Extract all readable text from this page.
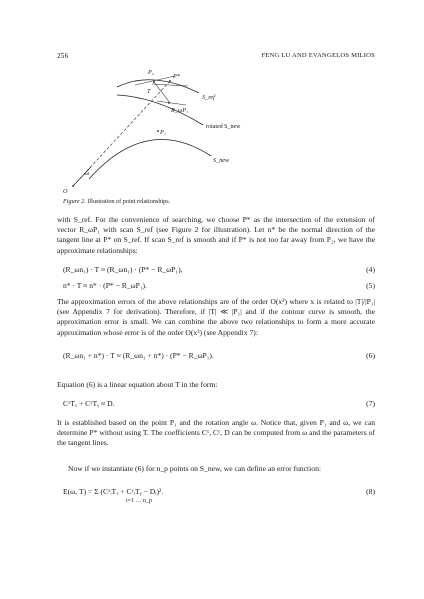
256	FENG LU AND EVANGELOS MILIOS
P₂
P*
T
S_ref
R_ωP₁
rotated S_new
P₁
S_new
ω
O
Figure 2. Illustration of point relationships.
with S_ref. For the convenience of searching, we choose P* as the intersection of the extension of vector R_ωP₁ with scan S_ref (see Figure 2 for illustration). Let n* be the normal direction of the tangent line at P* on S_ref. If scan S_ref is smooth and if P* is not too far away from P₂, we have the approximate relationships:
(R_ωn₁) · T ≈ (R_ωn₁) · (P* − R_ωP₁),	(4)
n* · T ≈ n* · (P* − R_ωP₁).	(5)
The approximation errors of the above relationships are of the order O(x²) where x is related to |T|/|P₁| (see Appendix 7 for derivation). Therefore, if |T| ≪ |P₁| and if the contour curve is smooth, the approximation error is small. We can combine the above two relationships to form a more accurate approximation whose error is of the order O(x³) (see Appendix 7):
(R_ωn₁ + n*) · T ≈ (R_ωn₁ + n*) · (P* − R_ωP₁).	(6)
Equation (6) is a linear equation about T in the form:
CˣTₓ + CʸTᵧ ≈ D.	(7)
It is established based on the point P₁ and the rotation angle ω. Notice that, given P₁ and ω, we can determine P* without using T. The coefficients Cˣ, Cʸ, D can be computed from ω and the parameters of the tangent lines.
Now if we instantiate (6) for n_p points on S_new, we can define an error function:
E(ω, T) = Σ (CˣᵢTₓ + CʸᵢTᵧ − Dᵢ)².	(8)
i=1 … n_p
